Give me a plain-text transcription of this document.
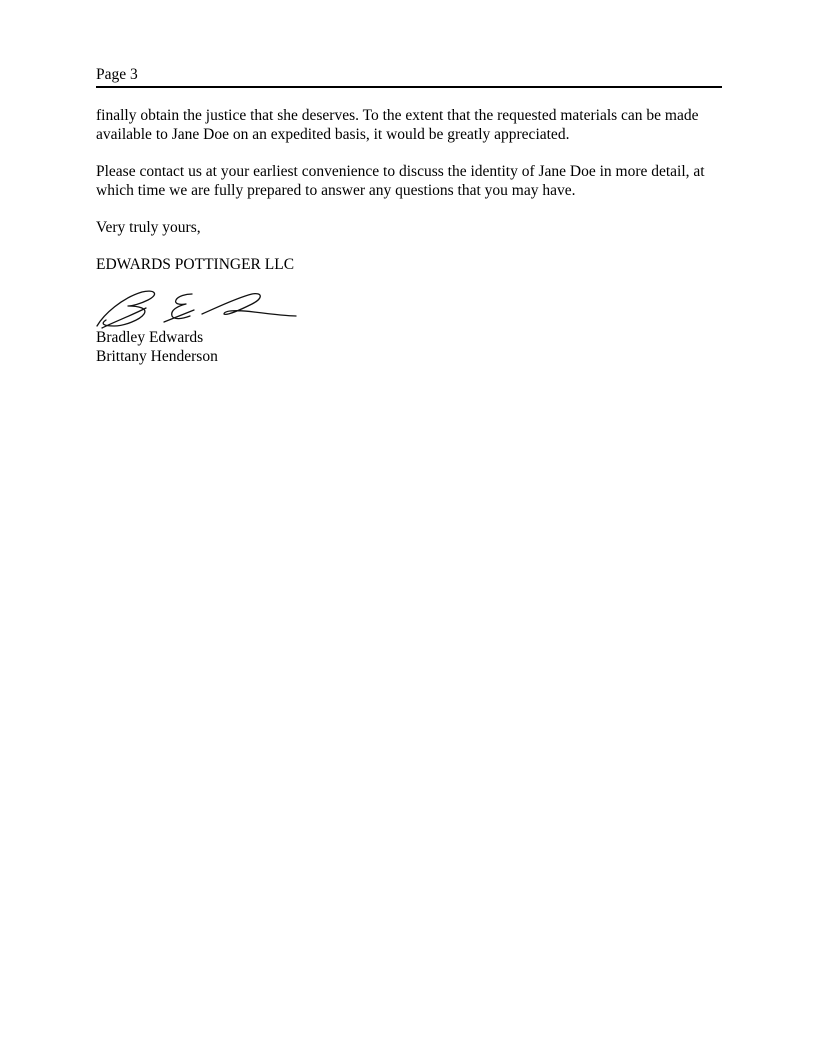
Page 3

finally obtain the justice that she deserves. To the extent that the requested materials can be made available to Jane Doe on an expedited basis, it would be greatly appreciated.

Please contact us at your earliest convenience to discuss the identity of Jane Doe in more detail, at which time we are fully prepared to answer any questions that you may have.

Very truly yours,

EDWARDS POTTINGER LLC

Bradley Edwards

Brittany Henderson
